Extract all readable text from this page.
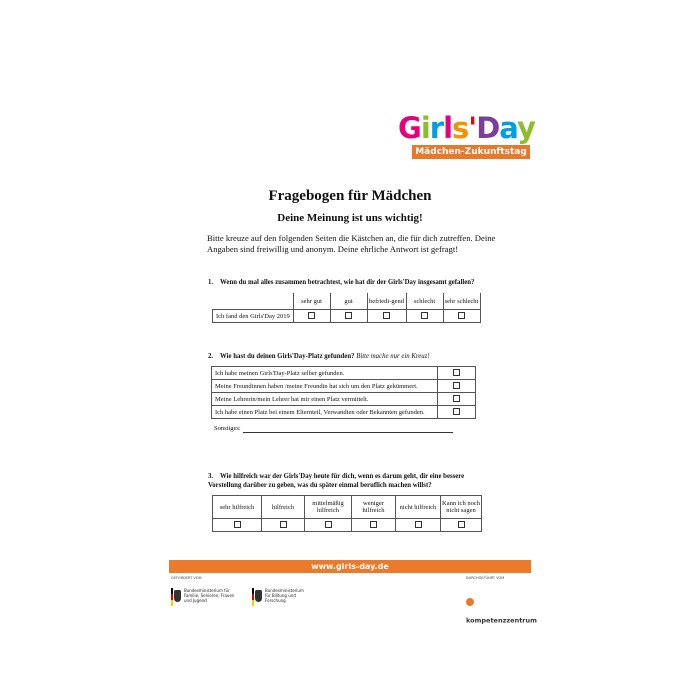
Girls'Day
Mädchen-Zukunftstag
Fragebogen für Mädchen
Deine Meinung ist uns wichtig!
Bitte kreuze auf den folgenden Seiten die Kästchen an, die für dich zutreffen. Deine Angaben sind freiwillig und anonym. Deine ehrliche Antwort ist gefragt!
1. Wenn du mal alles zusammen betrachtest, wie hat dir der Girls'Day insgesamt gefallen?
	sehr gut	gut	befriedi-gend	schlecht	sehr schlecht
Ich fand den Girls'Day 2019					
2. Wie hast du deinen Girls'Day-Platz gefunden? Bitte mache nur ein Kreuz!
Ich habe meinen Girls'Day-Platz selber gefunden.	
Meine Freundinnen haben /meine Freundin hat sich um den Platz gekümmert.	
Meine Lehrerin/mein Lehrer hat mir einen Platz vermittelt.	
Ich habe einen Platz bei einem Elternteil, Verwandten oder Bekannten gefunden.	
Sonstiges:
3. Wie hilfreich war der Girls'Day heute für dich, wenn es darum geht, dir eine bessere Vorstellung darüber zu geben, was du später einmal beruflich machen willst?
sehr hilfreich	hilfreich	mittelmäßig hilfreich	weniger hilfreich	nicht hilfreich	Kann ich noch nicht sagen

www.girls-day.de
GEFÖRDERT VOM	DURCHGEFÜHRT VOM
Bundesministerium für Familie, Senioren, Frauen und Jugend
Bundesministerium für Bildung und Forschung
kompetenzzentrum
